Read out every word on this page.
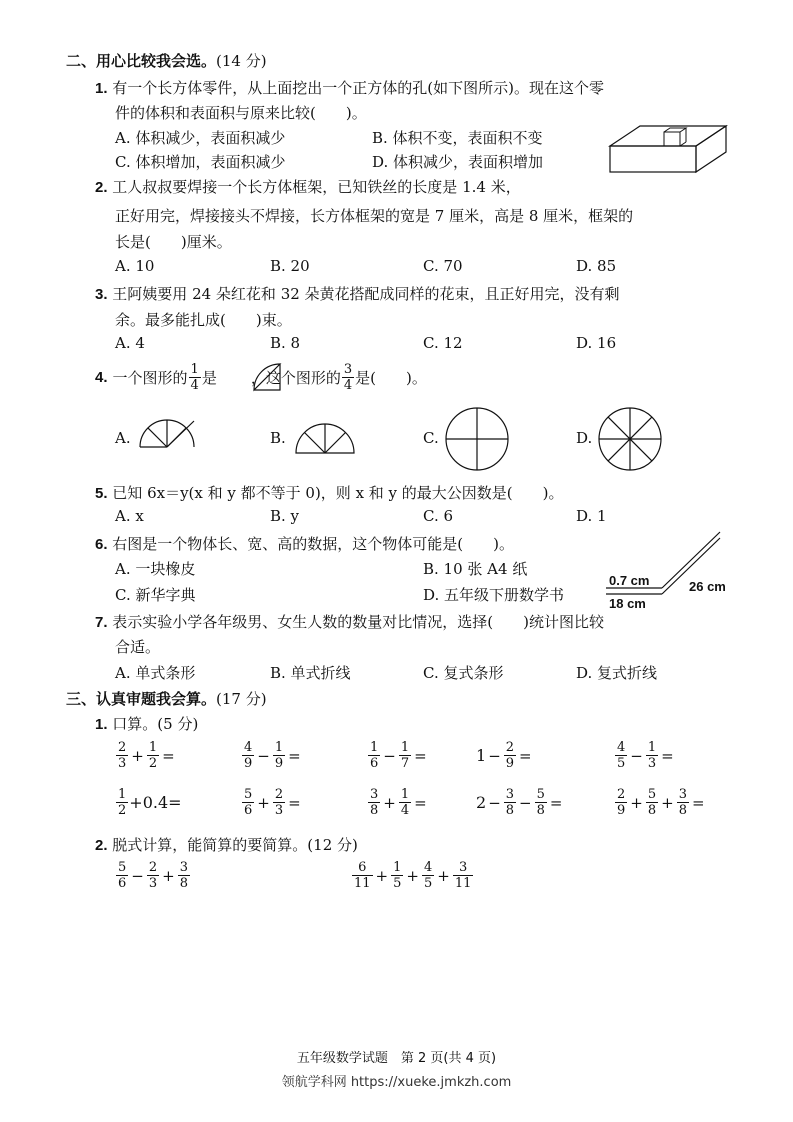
二、用心比较我会选。(14 分)
1. 有一个长方体零件，从上面挖出一个正方体的孔(如下图所示)。现在这个零
件的体积和表面积与原来比较(　　)。
A. 体积减少，表面积减少	B. 体积不变，表面积不变
C. 体积增加，表面积减少	D. 体积减少，表面积增加
2. 工人叔叔要焊接一个长方体框架，已知铁丝的长度是 1.4 米，
正好用完，焊接接头不焊接，长方体框架的宽是 7 厘米，高是 8 厘米，框架的
长是(　　)厘米。
A. 10	B. 20	C. 70	D. 85
3. 王阿姨要用 24 朵红花和 32 朵黄花搭配成同样的花束，且正好用完，没有剩
余。最多能扎成(　　)束。
A. 4	B. 8	C. 12	D. 16
4. 一个图形的 $\frac{1}{4}$ 是 ，这个图形的 $\frac{3}{4}$ 是(　　)。
A.	B.	C.	D.
5. 已知 6x＝y(x 和 y 都不等于 0)，则 x 和 y 的最大公因数是(　　)。
A. x	B. y	C. 6	D. 1
6. 右图是一个物体长、宽、高的数据，这个物体可能是(　　)。
A. 一块橡皮	B. 10 张 A4 纸
C. 新华字典	D. 五年级下册数学书
0.7 cm	26 cm
18 cm
7. 表示实验小学各年级男、女生人数的数量对比情况，选择(　　)统计图比较
合适。
A. 单式条形	B. 单式折线	C. 复式条形	D. 复式折线
三、认真审题我会算。(17 分)
1. 口算。(5 分)
$\frac{2}{3} + \frac{1}{2}$ =	$\frac{4}{9} - \frac{1}{9}$ =	$\frac{1}{6} - \frac{1}{7}$ =	$1 - \frac{2}{9}$ =	$\frac{4}{5} - \frac{1}{3}$ =
$\frac{1}{2} +0.4=$	$\frac{5}{6} + \frac{2}{3}$ =	$\frac{3}{8} + \frac{1}{4}$ =	$2 - \frac{3}{8} - \frac{5}{8}$ =	$\frac{2}{9} + \frac{5}{8} + \frac{3}{8}$ =
2. 脱式计算，能简算的要简算。(12 分)
$\frac{5}{6} - \frac{2}{3} + \frac{3}{8}$	$\frac{6}{11} + \frac{1}{5} + \frac{4}{5} + \frac{3}{11}$
五年级数学试题　第 2 页(共 4 页)
领航学科网 https://xueke.jmkzh.com
